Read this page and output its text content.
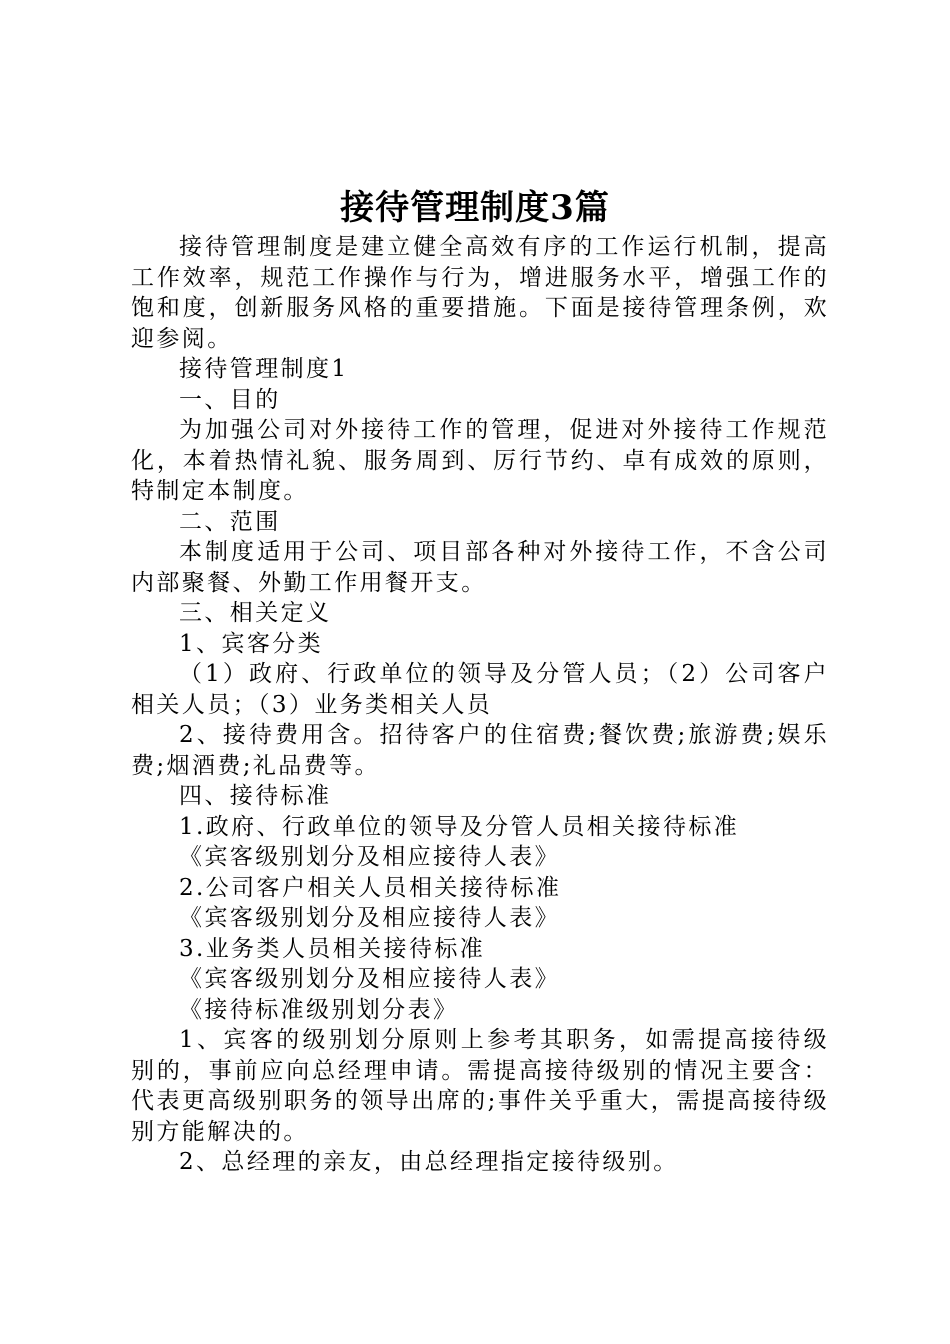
接待管理制度3篇

接待管理制度是建立健全高效有序的工作运行机制，提高工作效率，规范工作操作与行为，增进服务水平，增强工作的饱和度，创新服务风格的重要措施。下面是接待管理条例，欢迎参阅。

接待管理制度1

一、目的

为加强公司对外接待工作的管理，促进对外接待工作规范化，本着热情礼貌、服务周到、厉行节约、卓有成效的原则，特制定本制度。

二、范围

本制度适用于公司、项目部各种对外接待工作，不含公司内部聚餐、外勤工作用餐开支。

三、相关定义

1、宾客分类

（1）政府、行政单位的领导及分管人员；（2）公司客户相关人员；（3）业务类相关人员

2、接待费用含。招待客户的住宿费;餐饮费;旅游费;娱乐费;烟酒费;礼品费等。

四、接待标准

1.政府、行政单位的领导及分管人员相关接待标准

《宾客级别划分及相应接待人表》

2.公司客户相关人员相关接待标准

《宾客级别划分及相应接待人表》

3.业务类人员相关接待标准

《宾客级别划分及相应接待人表》

《接待标准级别划分表》

1、宾客的级别划分原则上参考其职务，如需提高接待级别的，事前应向总经理申请。需提高接待级别的情况主要含：代表更高级别职务的领导出席的;事件关乎重大，需提高接待级别方能解决的。

2、总经理的亲友，由总经理指定接待级别。
